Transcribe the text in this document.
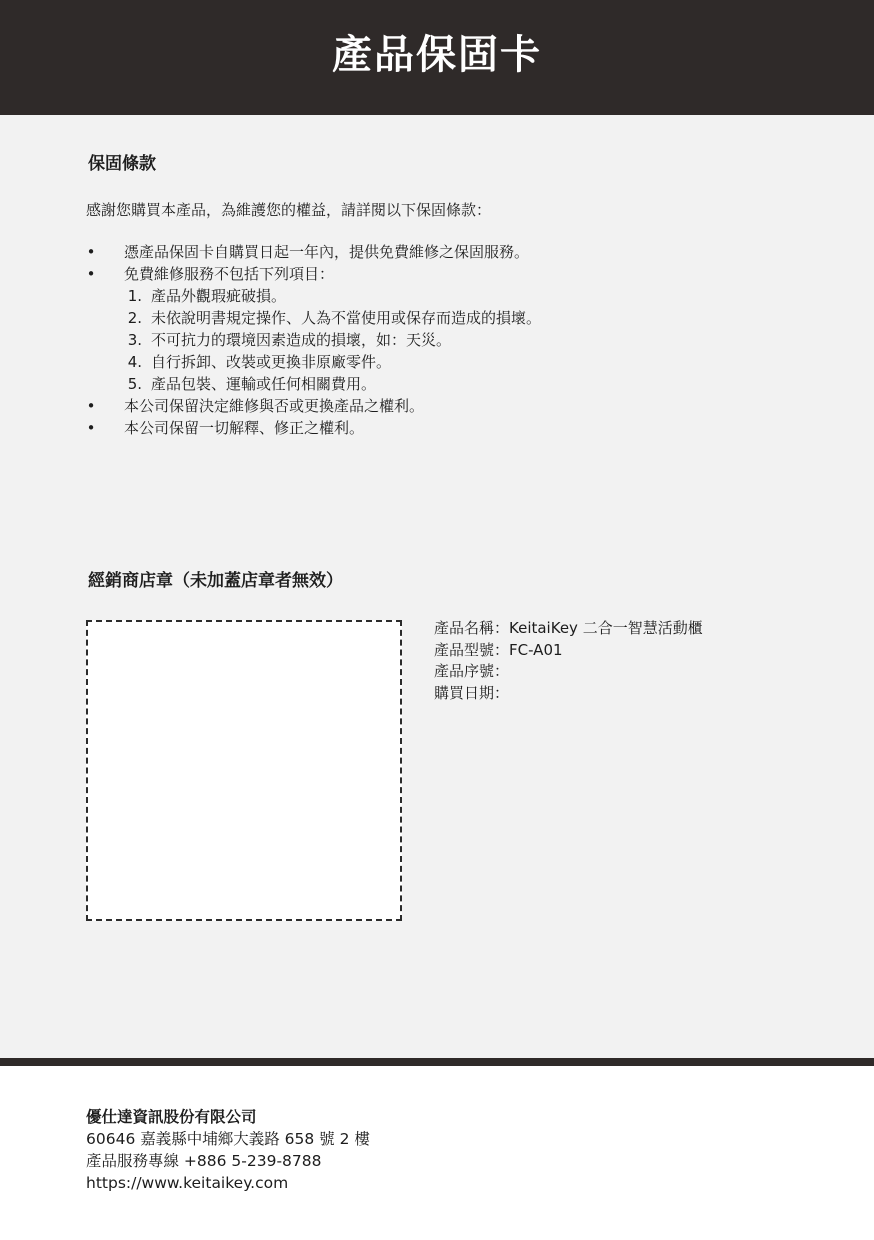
產品保固卡
保固條款

感謝您購買本產品，為維護您的權益，請詳閱以下保固條款：

• 憑產品保固卡自購買日起一年內，提供免費維修之保固服務。
• 免費維修服務不包括下列項目：
1. 產品外觀瑕疵破損。
2. 未依說明書規定操作、人為不當使用或保存而造成的損壞。
3. 不可抗力的環境因素造成的損壞，如：天災。
4. 自行拆卸、改裝或更換非原廠零件。
5. 產品包裝、運輸或任何相關費用。
• 本公司保留決定維修與否或更換產品之權利。
• 本公司保留一切解釋、修正之權利。
經銷商店章（未加蓋店章者無效）
產品名稱：KeitaiKey 二合一智慧活動櫃
產品型號：FC-A01
產品序號：
購買日期：
優仕達資訊股份有限公司
60646 嘉義縣中埔鄉大義路 658 號 2 樓
產品服務專線 +886 5-239-8788
https://www.keitaikey.com
